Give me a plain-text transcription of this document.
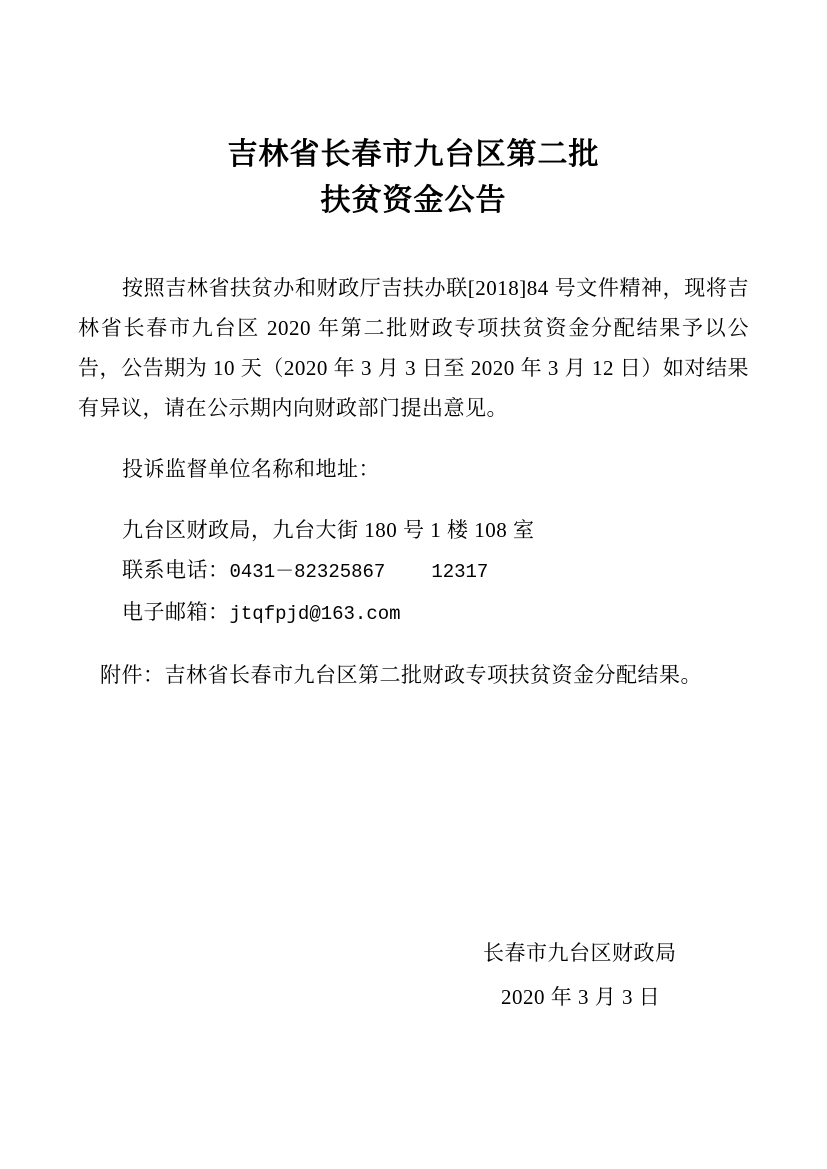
吉林省长春市九台区第二批
扶贫资金公告

按照吉林省扶贫办和财政厅吉扶办联[2018]84 号文件精神，现将吉林省长春市九台区 2020 年第二批财政专项扶贫资金分配结果予以公告，公告期为 10 天（2020 年 3 月 3 日至 2020 年 3 月 12 日）如对结果有异议，请在公示期内向财政部门提出意见。

投诉监督单位名称和地址：

九台区财政局，九台大街 180 号 1 楼 108 室
联系电话：0431－82325867 12317
电子邮箱：jtqfpjd@163.com

附件：吉林省长春市九台区第二批财政专项扶贫资金分配结果。

长春市九台区财政局
2020 年 3 月 3 日
